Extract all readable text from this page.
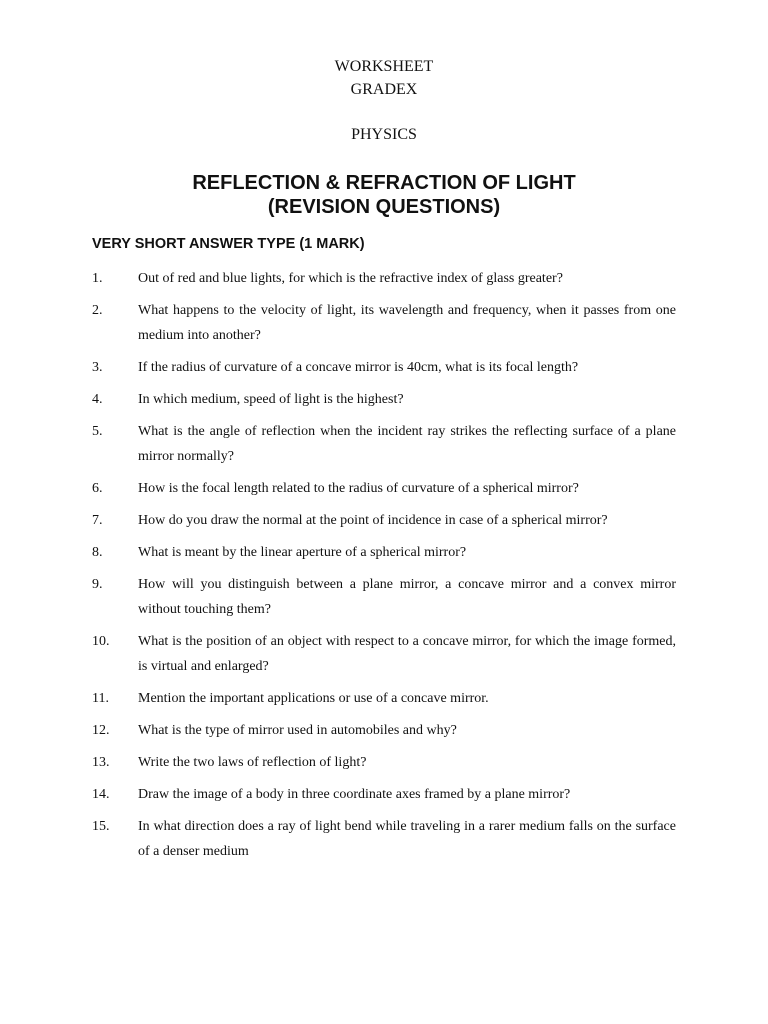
WORKSHEET
GRADEX
PHYSICS
REFLECTION & REFRACTION OF LIGHT
(REVISION QUESTIONS)
VERY SHORT ANSWER TYPE (1 MARK)
1.	Out of red and blue lights, for which is the refractive index of glass greater?
2.	What happens to the velocity of light, its wavelength and frequency, when it passes from one medium into another?
3.	If the radius of curvature of a concave mirror is 40cm, what is its focal length?
4.	In which medium, speed of light is the highest?
5.	What is the angle of reflection when the incident ray strikes the reflecting surface of a plane mirror normally?
6.	How is the focal length related to the radius of curvature of a spherical mirror?
7.	How do you draw the normal at the point of incidence in case of a spherical mirror?
8.	What is meant by the linear aperture of a spherical mirror?
9.	How will you distinguish between a plane mirror, a concave mirror and a convex mirror without touching them?
10.	What is the position of an object with respect to a concave mirror, for which the image formed, is virtual and enlarged?
11.	Mention the important applications or use of a concave mirror.
12.	What is the type of mirror used in automobiles and why?
13.	Write the two laws of reflection of light?
14.	Draw the image of a body in three coordinate axes framed by a plane mirror?
15.	In what direction does a ray of light bend while traveling in a rarer medium falls on the surface of a denser medium
